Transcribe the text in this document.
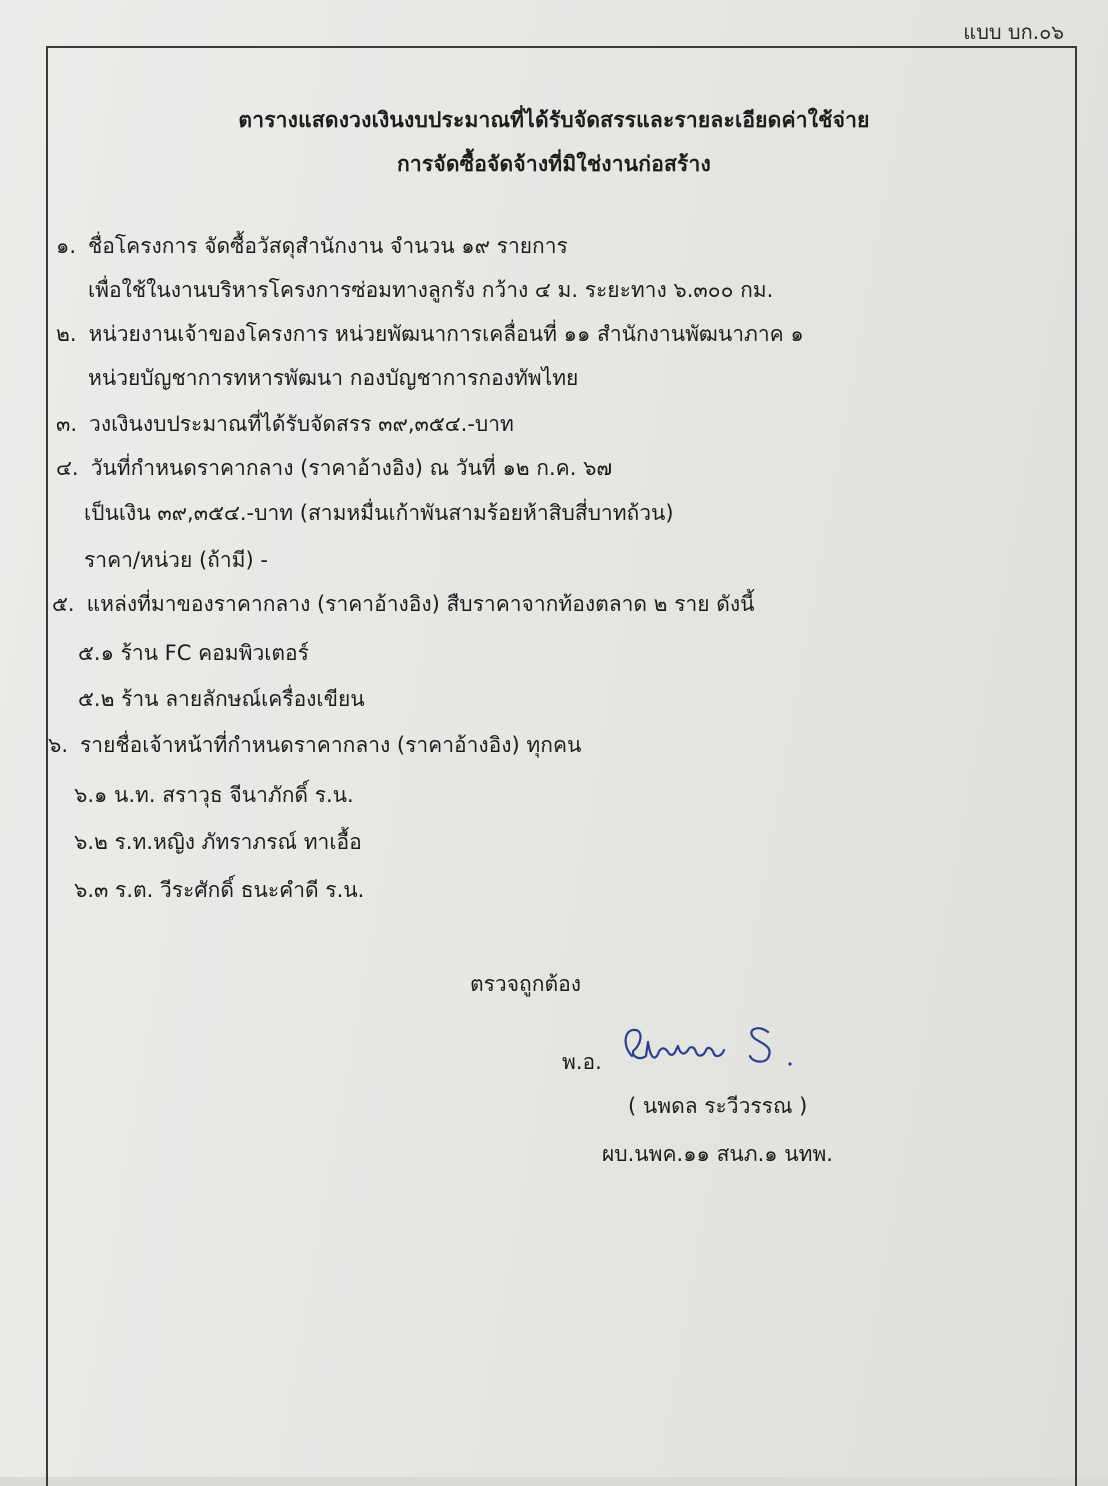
แบบ บก.๐๖
ตารางแสดงวงเงินงบประมาณที่ได้รับจัดสรรและรายละเอียดค่าใช้จ่าย
การจัดซื้อจัดจ้างที่มิใช่งานก่อสร้าง
๑. ชื่อโครงการ จัดซื้อวัสดุสำนักงาน จำนวน ๑๙ รายการ
เพื่อใช้ในงานบริหารโครงการซ่อมทางลูกรัง กว้าง ๔ ม. ระยะทาง ๖.๓๐๐ กม.
๒. หน่วยงานเจ้าของโครงการ หน่วยพัฒนาการเคลื่อนที่ ๑๑ สำนักงานพัฒนาภาค ๑
หน่วยบัญชาการทหารพัฒนา กองบัญชาการกองทัพไทย
๓. วงเงินงบประมาณที่ได้รับจัดสรร ๓๙,๓๕๔.-บาท
๔. วันที่กำหนดราคากลาง (ราคาอ้างอิง) ณ วันที่ ๑๒ ก.ค. ๖๗
เป็นเงิน ๓๙,๓๕๔.-บาท (สามหมื่นเก้าพันสามร้อยห้าสิบสี่บาทถ้วน)
ราคา/หน่วย (ถ้ามี) -
๕. แหล่งที่มาของราคากลาง (ราคาอ้างอิง) สืบราคาจากท้องตลาด ๒ ราย ดังนี้
๕.๑ ร้าน FC คอมพิวเตอร์
๕.๒ ร้าน ลายลักษณ์เครื่องเขียน
๖. รายชื่อเจ้าหน้าที่กำหนดราคากลาง (ราคาอ้างอิง) ทุกคน
๖.๑ น.ท. สราวุธ จีนาภักดิ์ ร.น.
๖.๒ ร.ท.หญิง ภัทราภรณ์ ทาเอื้อ
๖.๓ ร.ต. วีระศักดิ์ ธนะคำดี ร.น.
ตรวจถูกต้อง
พ.อ.
( นพดล ระวีวรรณ )
ผบ.นพค.๑๑ สนภ.๑ นทพ.
